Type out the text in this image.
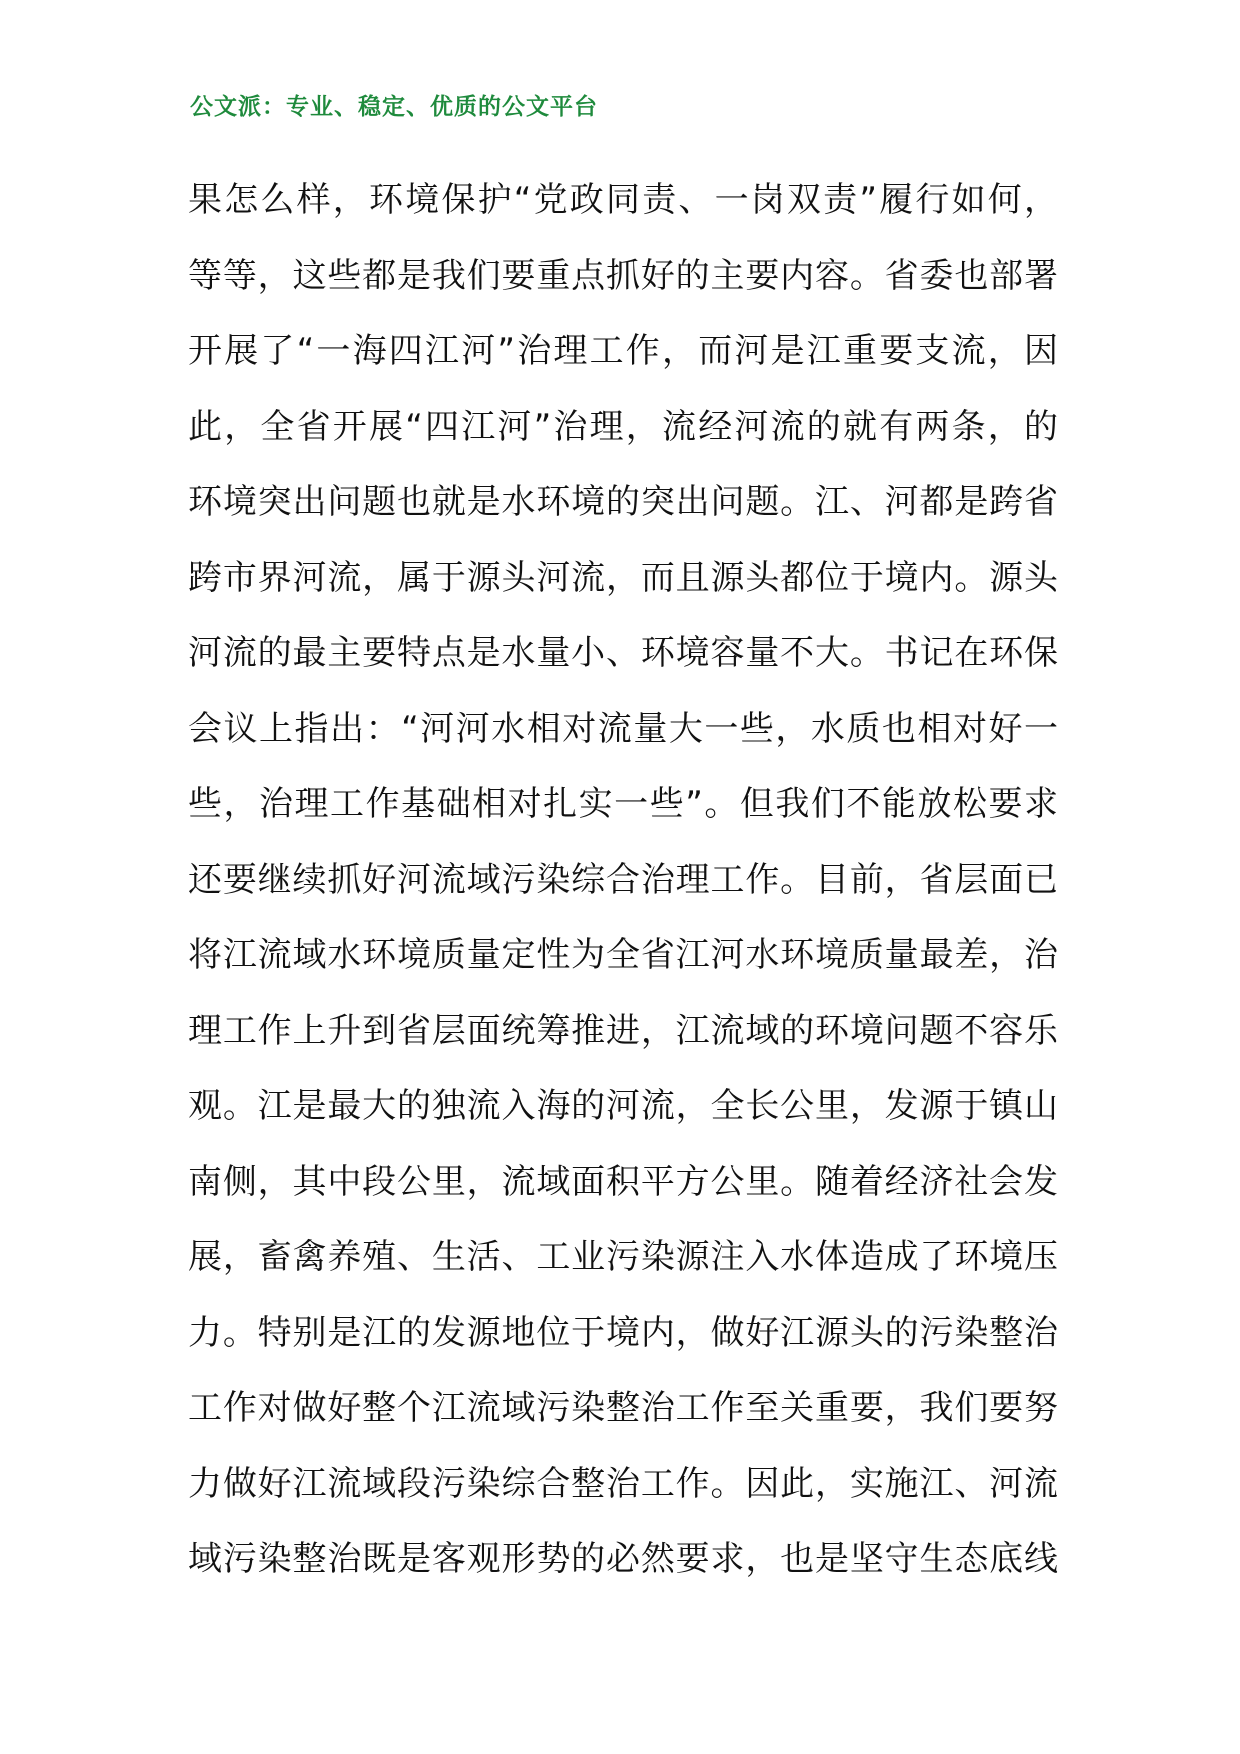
公文派：专业、稳定、优质的公文平台
果怎么样，环境保护“党政同责、一岗双责”履行如何，
等等，这些都是我们要重点抓好的主要内容。省委也部署
开展了“一海四江河”治理工作，而河是江重要支流，因
此，全省开展“四江河”治理，流经河流的就有两条，的
环境突出问题也就是水环境的突出问题。江、河都是跨省
跨市界河流，属于源头河流，而且源头都位于境内。源头
河流的最主要特点是水量小、环境容量不大。书记在环保
会议上指出：“河河水相对流量大一些，水质也相对好一
些，治理工作基础相对扎实一些”。但我们不能放松要求
还要继续抓好河流域污染综合治理工作。目前，省层面已
将江流域水环境质量定性为全省江河水环境质量最差，治
理工作上升到省层面统筹推进，江流域的环境问题不容乐
观。江是最大的独流入海的河流，全长公里，发源于镇山
南侧，其中段公里，流域面积平方公里。随着经济社会发
展，畜禽养殖、生活、工业污染源注入水体造成了环境压
力。特别是江的发源地位于境内，做好江源头的污染整治
工作对做好整个江流域污染整治工作至关重要，我们要努
力做好江流域段污染综合整治工作。因此，实施江、河流
域污染整治既是客观形势的必然要求，也是坚守生态底线
